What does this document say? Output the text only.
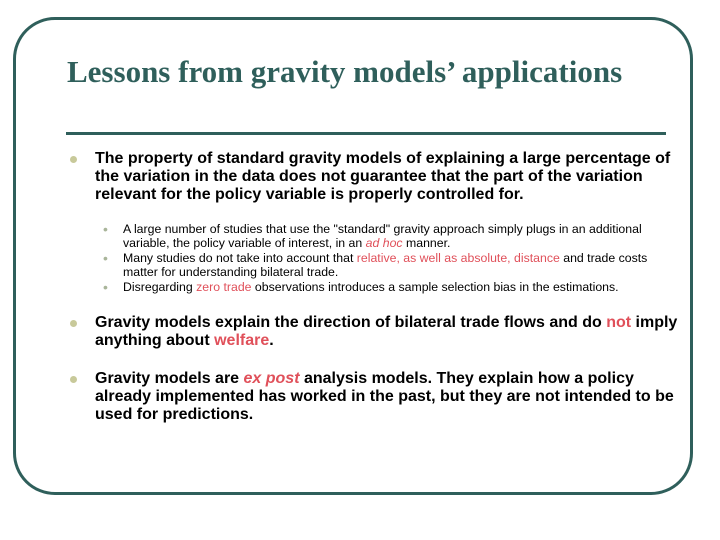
Lessons from gravity models’ applications
The property of standard gravity models of explaining a large percentage of the variation in the data does not guarantee that the part of the variation relevant for the policy variable is properly controlled for.
• A large number of studies that use the "standard" gravity approach simply plugs in an additional variable, the policy variable of interest, in an ad hoc manner.
• Many studies do not take into account that relative, as well as absolute, distance and trade costs matter for understanding bilateral trade.
• Disregarding zero trade observations introduces a sample selection bias in the estimations.
Gravity models explain the direction of bilateral trade flows and do not imply anything about welfare.
Gravity models are ex post analysis models. They explain how a policy already implemented has worked in the past, but they are not intended to be used for predictions.
